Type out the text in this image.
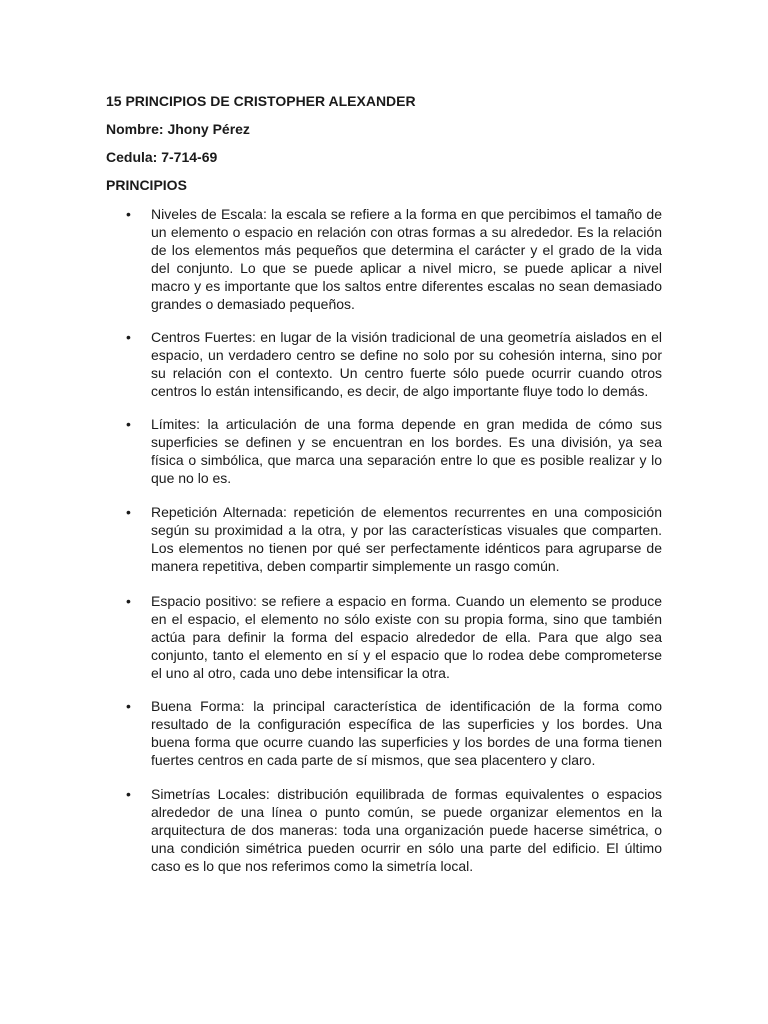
15 PRINCIPIOS DE CRISTOPHER ALEXANDER
Nombre: Jhony Pérez
Cedula: 7-714-69
PRINCIPIOS
• Niveles de Escala: la escala se refiere a la forma en que percibimos el tamaño de un elemento o espacio en relación con otras formas a su alrededor. Es la relación de los elementos más pequeños que determina el carácter y el grado de la vida del conjunto. Lo que se puede aplicar a nivel micro, se puede aplicar a nivel macro y es importante que los saltos entre diferentes escalas no sean demasiado grandes o demasiado pequeños.

• Centros Fuertes: en lugar de la visión tradicional de una geometría aislados en el espacio, un verdadero centro se define no solo por su cohesión interna, sino por su relación con el contexto. Un centro fuerte sólo puede ocurrir cuando otros centros lo están intensificando, es decir, de algo importante fluye todo lo demás.

• Límites: la articulación de una forma depende en gran medida de cómo sus superficies se definen y se encuentran en los bordes. Es una división, ya sea física o simbólica, que marca una separación entre lo que es posible realizar y lo que no lo es.

• Repetición Alternada: repetición de elementos recurrentes en una composición según su proximidad a la otra, y por las características visuales que comparten. Los elementos no tienen por qué ser perfectamente idénticos para agruparse de manera repetitiva, deben compartir simplemente un rasgo común.

• Espacio positivo: se refiere a espacio en forma. Cuando un elemento se produce en el espacio, el elemento no sólo existe con su propia forma, sino que también actúa para definir la forma del espacio alrededor de ella. Para que algo sea conjunto, tanto el elemento en sí y el espacio que lo rodea debe comprometerse el uno al otro, cada uno debe intensificar la otra.

• Buena Forma: la principal característica de identificación de la forma como resultado de la configuración específica de las superficies y los bordes. Una buena forma que ocurre cuando las superficies y los bordes de una forma tienen fuertes centros en cada parte de sí mismos, que sea placentero y claro.

• Simetrías Locales: distribución equilibrada de formas equivalentes o espacios alrededor de una línea o punto común, se puede organizar elementos en la arquitectura de dos maneras: toda una organización puede hacerse simétrica, o una condición simétrica pueden ocurrir en sólo una parte del edificio. El último caso es lo que nos referimos como la simetría local.
